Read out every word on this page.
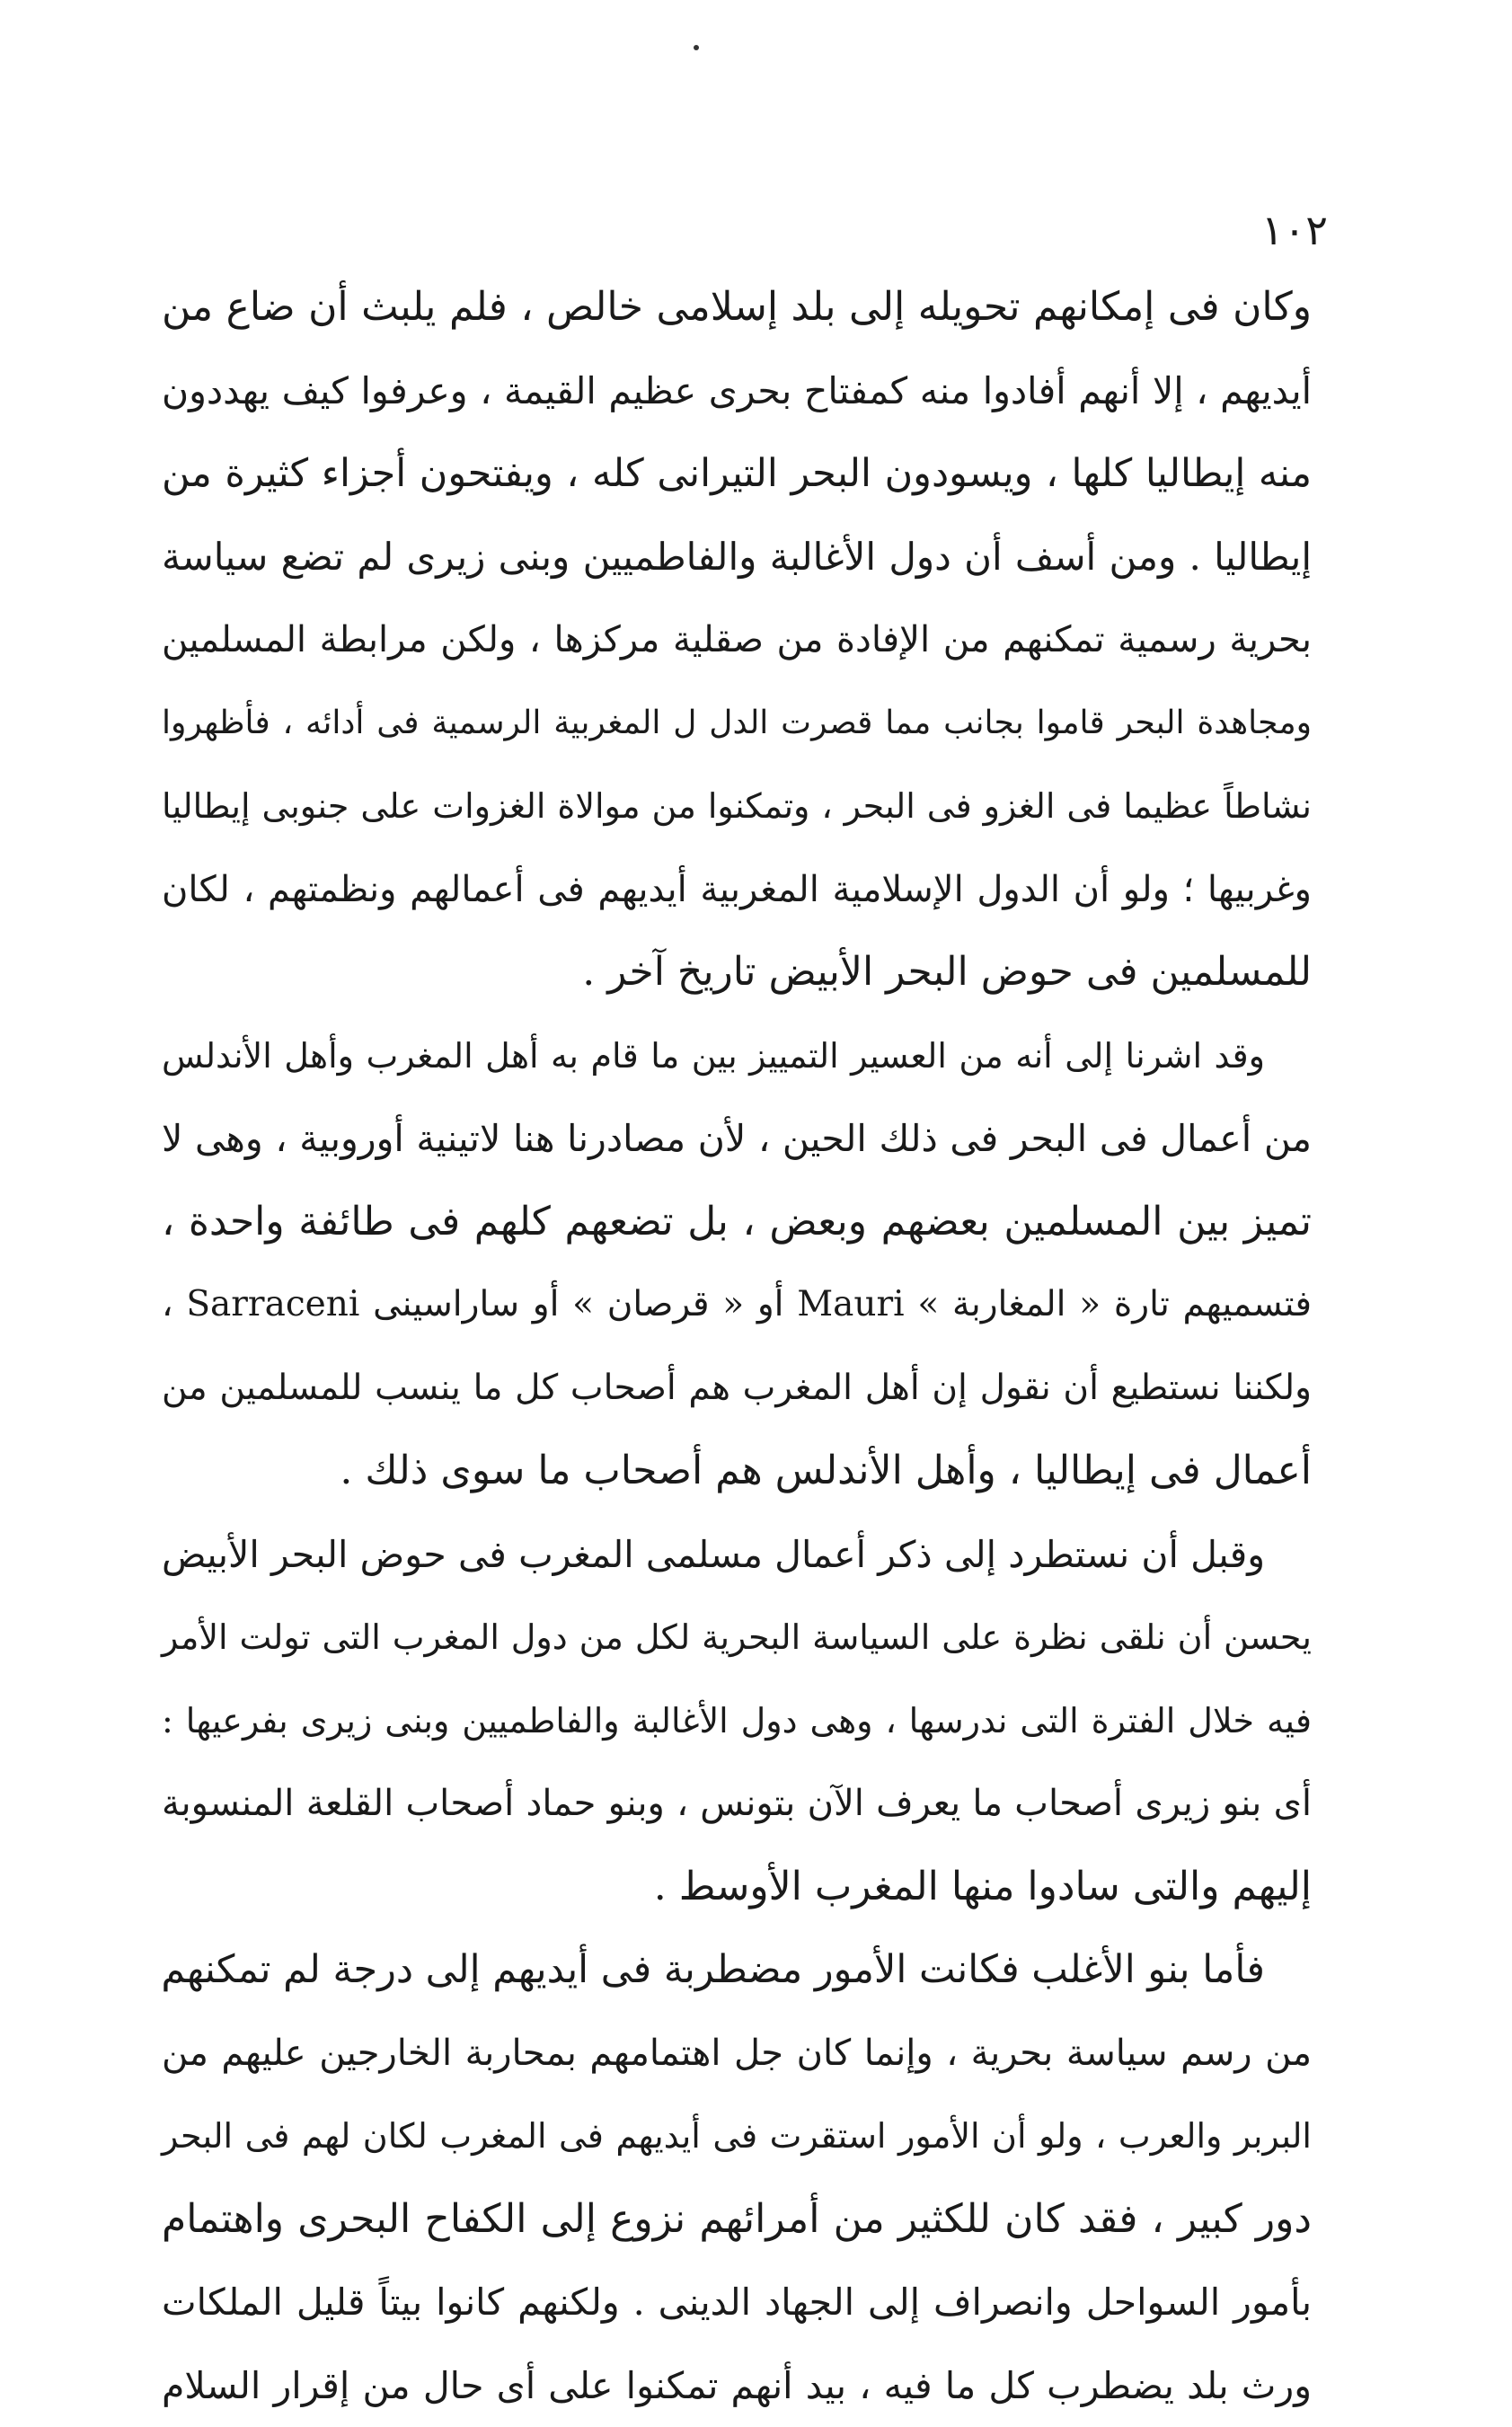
١٠٢
وكان فى إمكانهم تحويله إلى بلد إسلامى خالص ، فلم يلبث أن ضاع من
أيديهم ، إلا أنهم أفادوا منه كمفتاح بحرى عظيم القيمة ، وعرفوا كيف يهددون
منه إيطاليا كلها ، ويسودون البحر التيرانى كله ، ويفتحون أجزاء كثيرة من
إيطاليا . ومن أسف أن دول الأغالبة والفاطميين وبنى زيرى لم تضع سياسة
بحرية رسمية تمكنهم من الإفادة من صقلية مركزها ، ولكن مرابطة المسلمين
ومجاهدة البحر قاموا بجانب مما قصرت الدل ل المغربية الرسمية فى أدائه ، فأظهروا
نشاطاً عظيما فى الغزو فى البحر ، وتمكنوا من موالاة الغزوات على جنوبى إيطاليا
وغربيها ؛ ولو أن الدول الإسلامية المغربية أيديهم فى أعمالهم ونظمتهم ، لكان
للمسلمين فى حوض البحر الأبيض تاريخ آخر .
وقد اشرنا إلى أنه من العسير التمييز بين ما قام به أهل المغرب وأهل الأندلس
من أعمال فى البحر فى ذلك الحين ، لأن مصادرنا هنا لاتينية أوروبية ، وهى لا
تميز بين المسلمين بعضهم وبعض ، بل تضعهم كلهم فى طائفة واحدة ،
فتسميهم تارة « المغاربة » Mauri أو « قرصان » أو ساراسينى Sarraceni ،
ولكننا نستطيع أن نقول إن أهل المغرب هم أصحاب كل ما ينسب للمسلمين من
أعمال فى إيطاليا ، وأهل الأندلس هم أصحاب ما سوى ذلك .
وقبل أن نستطرد إلى ذكر أعمال مسلمى المغرب فى حوض البحر الأبيض
يحسن أن نلقى نظرة على السياسة البحرية لكل من دول المغرب التى تولت الأمر
فيه خلال الفترة التى ندرسها ، وهى دول الأغالبة والفاطميين وبنى زيرى بفرعيها :
أى بنو زيرى أصحاب ما يعرف الآن بتونس ، وبنو حماد أصحاب القلعة المنسوبة
إليهم والتى سادوا منها المغرب الأوسط .
فأما بنو الأغلب فكانت الأمور مضطربة فى أيديهم إلى درجة لم تمكنهم
من رسم سياسة بحرية ، وإنما كان جل اهتمامهم بمحاربة الخارجين عليهم من
البربر والعرب ، ولو أن الأمور استقرت فى أيديهم فى المغرب لكان لهم فى البحر
دور كبير ، فقد كان للكثير من أمرائهم نزوع إلى الكفاح البحرى واهتمام
بأمور السواحل وانصراف إلى الجهاد الدينى . ولكنهم كانوا بيتاً قليل الملكات
ورث بلد يضطرب كل ما فيه ، بيد أنهم تمكنوا على أى حال من إقرار السلام
